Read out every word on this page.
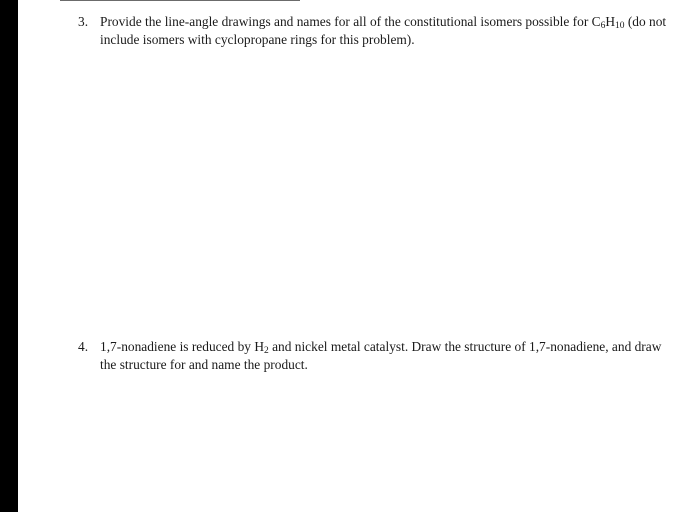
3. Provide the line-angle drawings and names for all of the constitutional isomers possible for $C_6H_{10}$ (do not include isomers with cyclopropane rings for this problem).
4. 1,7-nonadiene is reduced by $H_2$ and nickel metal catalyst. Draw the structure of 1,7-nonadiene, and draw the structure for and name the product.
